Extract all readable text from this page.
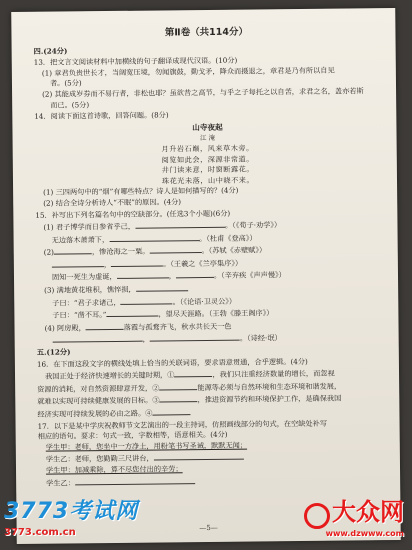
第Ⅱ卷（共114分）
四.(24分)
13．把文言文阅读材料中加横线的句子翻译成现代汉语。(10分)
(1) 章君负贵世长才，当阔宽压境，勿闻旗鼓，勤戈矛，降众而摄退之，章君是乃有所以自见
者。(5分)
(2) 其能成岁券而不易行者，非松也耶？虽欲昔之高节，与乎之子每托之以自苦，求君之名，盖亦若斯
而已。(5分)
14．阅读下面这首诗歌，回答问题。(8分)
山寺夜起
江 淹
月升岩石巅，风来草木旁。
阅览如此会，深源非常道。
井门读来意，时窗断露花。
珠花光未落，山中晓不来。
(1) 三四两句中的“烟”有哪些特点？诗人是如何描写的？(4分)
(2) 结合全诗分析诗人“不眠”的原因。(4分)
15．补写出下列名篇名句中的空缺部分。(任选3个小题)(6分)
(1) 君子博学而日参省乎己，	。（《荀子·劝学》）
无边落木萧萧下，	。（杜甫《登高》）
(2)	，惨沧海之一粟。	。（苏轼《赤壁赋》）
，	。（王羲之《兰亭集序》）
固知一死生为虚诞，	，	。（辛弃疾《声声慢》）
(3) 满地黄花堆积，憔悴损，
子曰：“君子求诸己，	。（《论语·卫灵公》）
子曰：“凿不耳。”	，望尽天涯路。（王勃《滕王阁序》）
(4) 阿房殿，	落霞与孤鹜齐飞，秋水共长天一色
，	。（诗经·氓）
五.(12分)
16．在下面这段文字的横线处填上恰当的关联词语，要求语意贯通，合乎逻辑。(4分)
我国正处于经济快速增长的关键时期，①	，我们只注重经济数量的增长，而忽视
资源的消耗，对自然资源肆意开发，②	能源等必须与自然环境和生态环境和谐发展，
就难以实现可持续健康发展的目标。③	，推进资源节约和环境保护工作，是确保我国
经济实现可持续发展的必由之路。④
17．以下是某中学庆祝教师节文艺演出的一段主持词，仿照画线部分的句式，在空缺处补写
相应的语句。要求：句式一致，字数相等，语意相关。(4分)
学生甲：老师，您坐中一方净土，用粉笔书写圣诫，默默无闻；
学生乙：老师，您勤勤三尺讲台，
学生甲：加减乘除，算不尽您付出的辛劳；
学生乙：
—5—
3773考试网
3773.com.cn
大众网
www.dzwww.com
